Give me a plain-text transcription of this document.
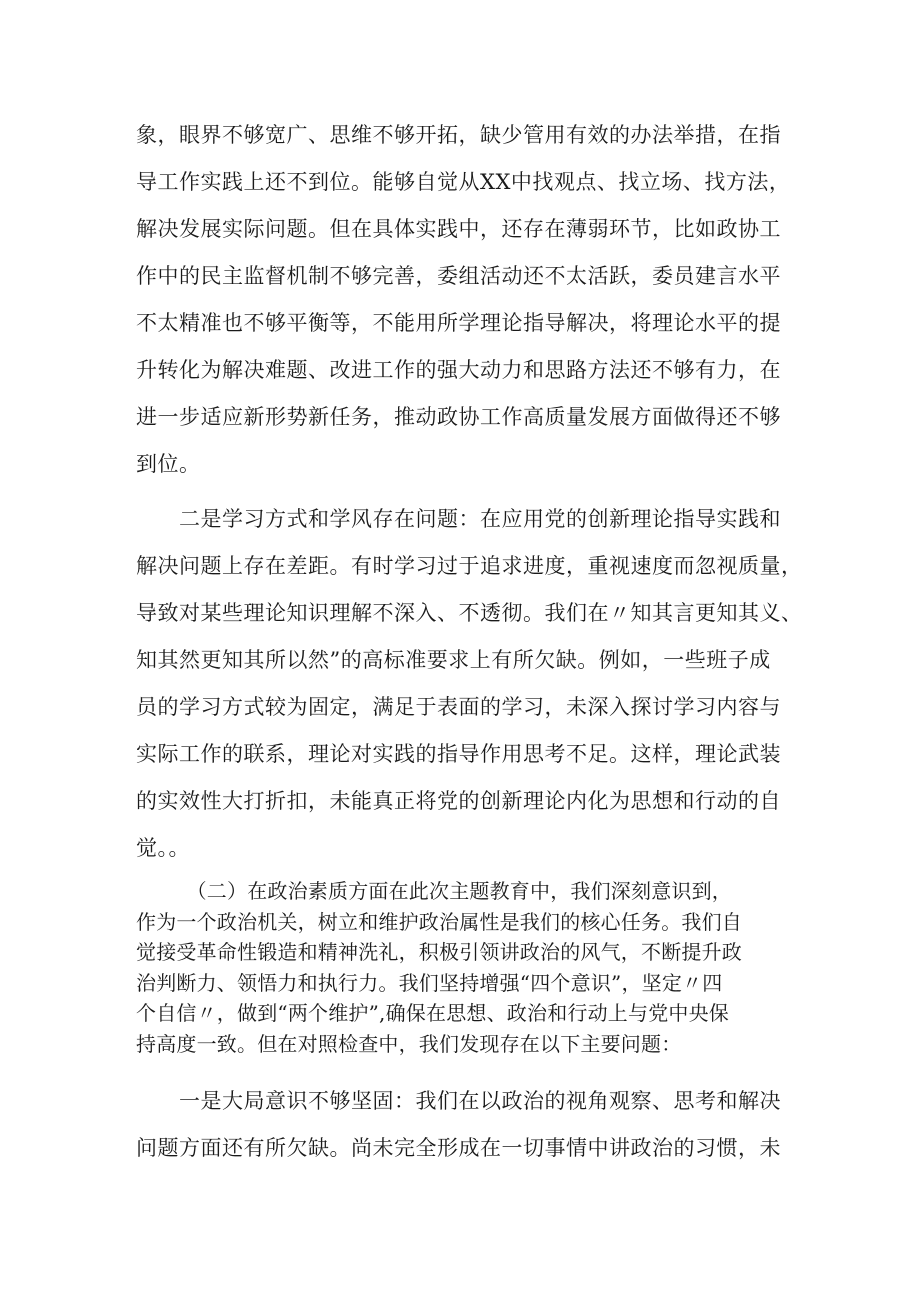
象，眼界不够宽广、思维不够开拓，缺少管用有效的办法举措，在指
导工作实践上还不到位。能够自觉从XX中找观点、找立场、找方法，
解决发展实际问题。但在具体实践中，还存在薄弱环节，比如政协工
作中的民主监督机制不够完善，委组活动还不太活跃，委员建言水平
不太精准也不够平衡等，不能用所学理论指导解决，将理论水平的提
升转化为解决难题、改进工作的强大动力和思路方法还不够有力，在
进一步适应新形势新任务，推动政协工作高质量发展方面做得还不够
到位。

　　二是学习方式和学风存在问题：在应用党的创新理论指导实践和
解决问题上存在差距。有时学习过于追求进度，重视速度而忽视质量，
导致对某些理论知识理解不深入、不透彻。我们在〃知其言更知其义、
知其然更知其所以然”的高标准要求上有所欠缺。例如，一些班子成
员的学习方式较为固定，满足于表面的学习，未深入探讨学习内容与
实际工作的联系，理论对实践的指导作用思考不足。这样，理论武装
的实效性大打折扣，未能真正将党的创新理论内化为思想和行动的自
觉。。

　　　（二）在政治素质方面在此次主题教育中，我们深刻意识到，
作为一个政治机关，树立和维护政治属性是我们的核心任务。我们自
觉接受革命性锻造和精神洗礼，积极引领讲政治的风气，不断提升政
治判断力、领悟力和执行力。我们坚持增强“四个意识”，坚定〃四
个自信〃，做到“两个维护”,确保在思想、政治和行动上与党中央保
持高度一致。但在对照检查中，我们发现存在以下主要问题：

　　一是大局意识不够坚固：我们在以政治的视角观察、思考和解决
问题方面还有所欠缺。尚未完全形成在一切事情中讲政治的习惯，未
